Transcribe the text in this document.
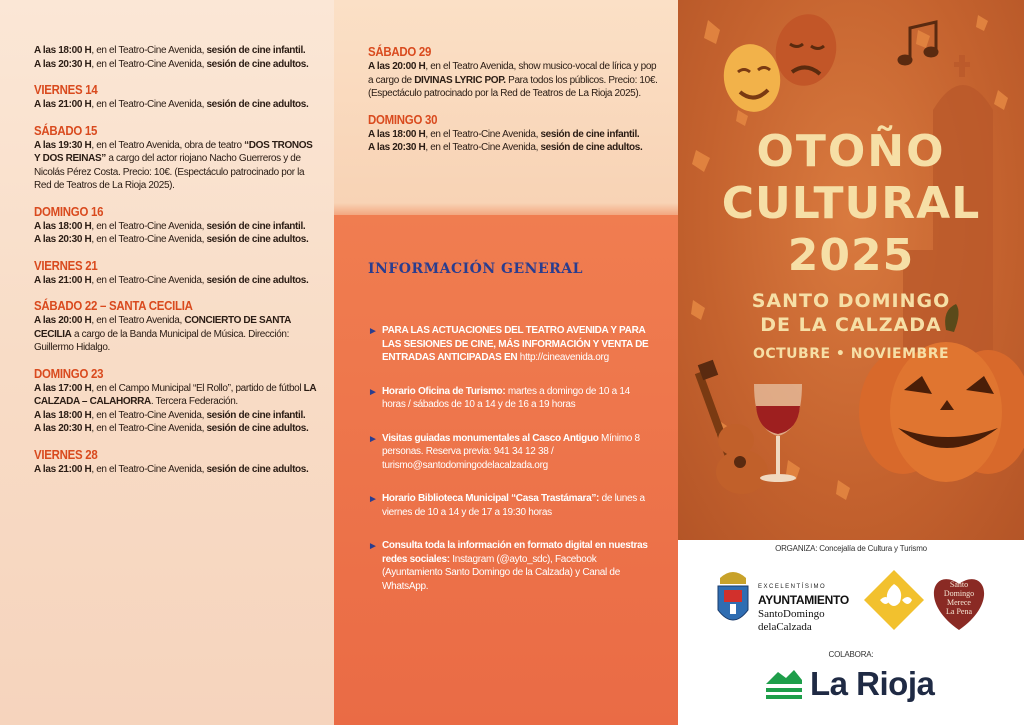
A las 18:00 H, en el Teatro-Cine Avenida, sesión de cine infantil.
A las 20:30 H, en el Teatro-Cine Avenida, sesión de cine adultos.
VIERNES 14
A las 21:00 H, en el Teatro-Cine Avenida, sesión de cine adultos.
SÁBADO 15
A las 19:30 H, en el Teatro Avenida, obra de teatro “DOS TRONOS Y DOS REINAS” a cargo del actor riojano Nacho Guerreros y de Nicolás Pérez Costa. Precio: 10€. (Espectáculo patrocinado por la Red de Teatros de La Rioja 2025).
DOMINGO 16
A las 18:00 H, en el Teatro-Cine Avenida, sesión de cine infantil.
A las 20:30 H, en el Teatro-Cine Avenida, sesión de cine adultos.
VIERNES 21
A las 21:00 H, en el Teatro-Cine Avenida, sesión de cine adultos.
SÁBADO 22 – SANTA CECILIA
A las 20:00 H, en el Teatro Avenida, CONCIERTO DE SANTA CECILIA a cargo de la Banda Municipal de Música. Dirección: Guillermo Hidalgo.
DOMINGO 23
A las 17:00 H, en el Campo Municipal “El Rollo”, partido de fútbol LA CALZADA – CALAHORRA. Tercera Federación.
A las 18:00 H, en el Teatro-Cine Avenida, sesión de cine infantil.
A las 20:30 H, en el Teatro-Cine Avenida, sesión de cine adultos.
VIERNES 28
A las 21:00 H, en el Teatro-Cine Avenida, sesión de cine adultos.
SÁBADO 29
A las 20:00 H, en el Teatro Avenida, show musico-vocal de lírica y pop a cargo de DIVINAS LYRIC POP. Para todos los públicos. Precio: 10€. (Espectáculo patrocinado por la Red de Teatros de La Rioja 2025).
DOMINGO 30
A las 18:00 H, en el Teatro-Cine Avenida, sesión de cine infantil.
A las 20:30 H, en el Teatro-Cine Avenida, sesión de cine adultos.
INFORMACIÓN GENERAL
► PARA LAS ACTUACIONES DEL TEATRO AVENIDA Y PARA LAS SESIONES DE CINE, MÁS INFORMACIÓN Y VENTA DE ENTRADAS ANTICIPADAS EN http://cineavenida.org
► Horario Oficina de Turismo: martes a domingo de 10 a 14 horas / sábados de 10 a 14 y de 16 a 19 horas
► Visitas guiadas monumentales al Casco Antiguo Mínimo 8 personas. Reserva previa: 941 34 12 38 / turismo@santodomingodelacalzada.org
► Horario Biblioteca Municipal “Casa Trastámara”: de lunes a viernes de 10 a 14 y de 17 a 19:30 horas
► Consulta toda la información en formato digital en nuestras redes sociales: Instagram (@ayto_sdc), Facebook (Ayuntamiento Santo Domingo de la Calzada) y Canal de WhatsApp.
OTOÑO
CULTURAL
2025
SANTO DOMINGO
DE LA CALZADA
OCTUBRE • NOVIEMBRE
ORGANIZA: Concejalía de Cultura y Turismo
EXCELENTÍSIMO
AYUNTAMIENTO
SantoDomingo
delaCalzada
Santo
Domingo
Merece
La Pena
COLABORA:
La Rioja
